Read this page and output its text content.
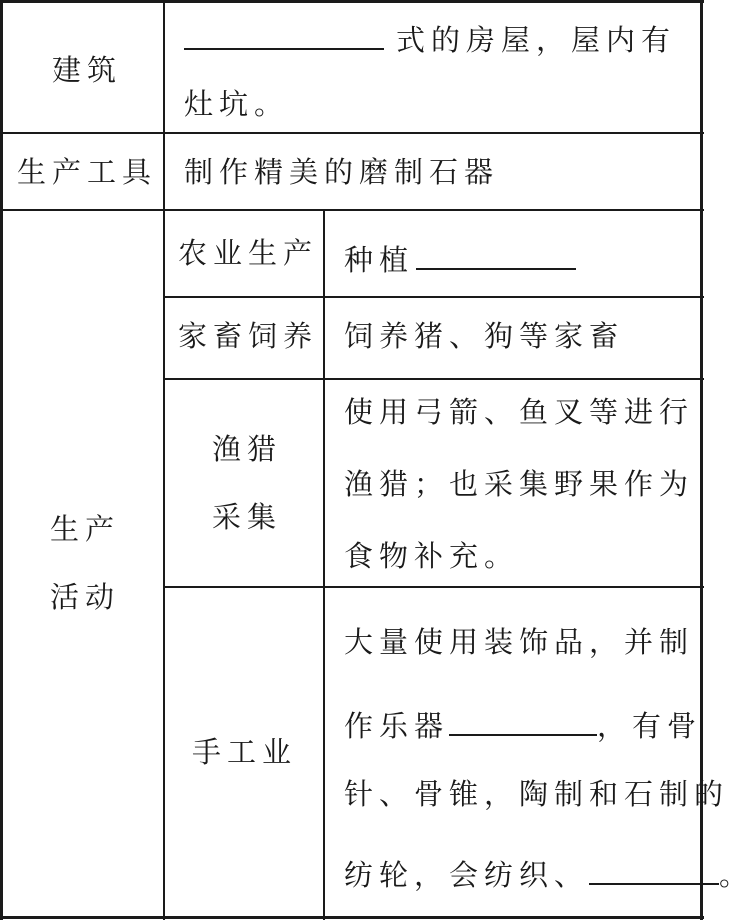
建筑
式的房屋，屋内有
灶坑。
生产工具 制作精美的磨制石器
生产
活动
农业生产 种植
家畜饲养 饲养猪、狗等家畜
渔猎
采集
使用弓箭、鱼叉等进行
渔猎；也采集野果作为
食物补充。
手工业
大量使用装饰品，并制
作乐器	，有骨
针、骨锥，陶制和石制的
纺轮，会纺织、	。
